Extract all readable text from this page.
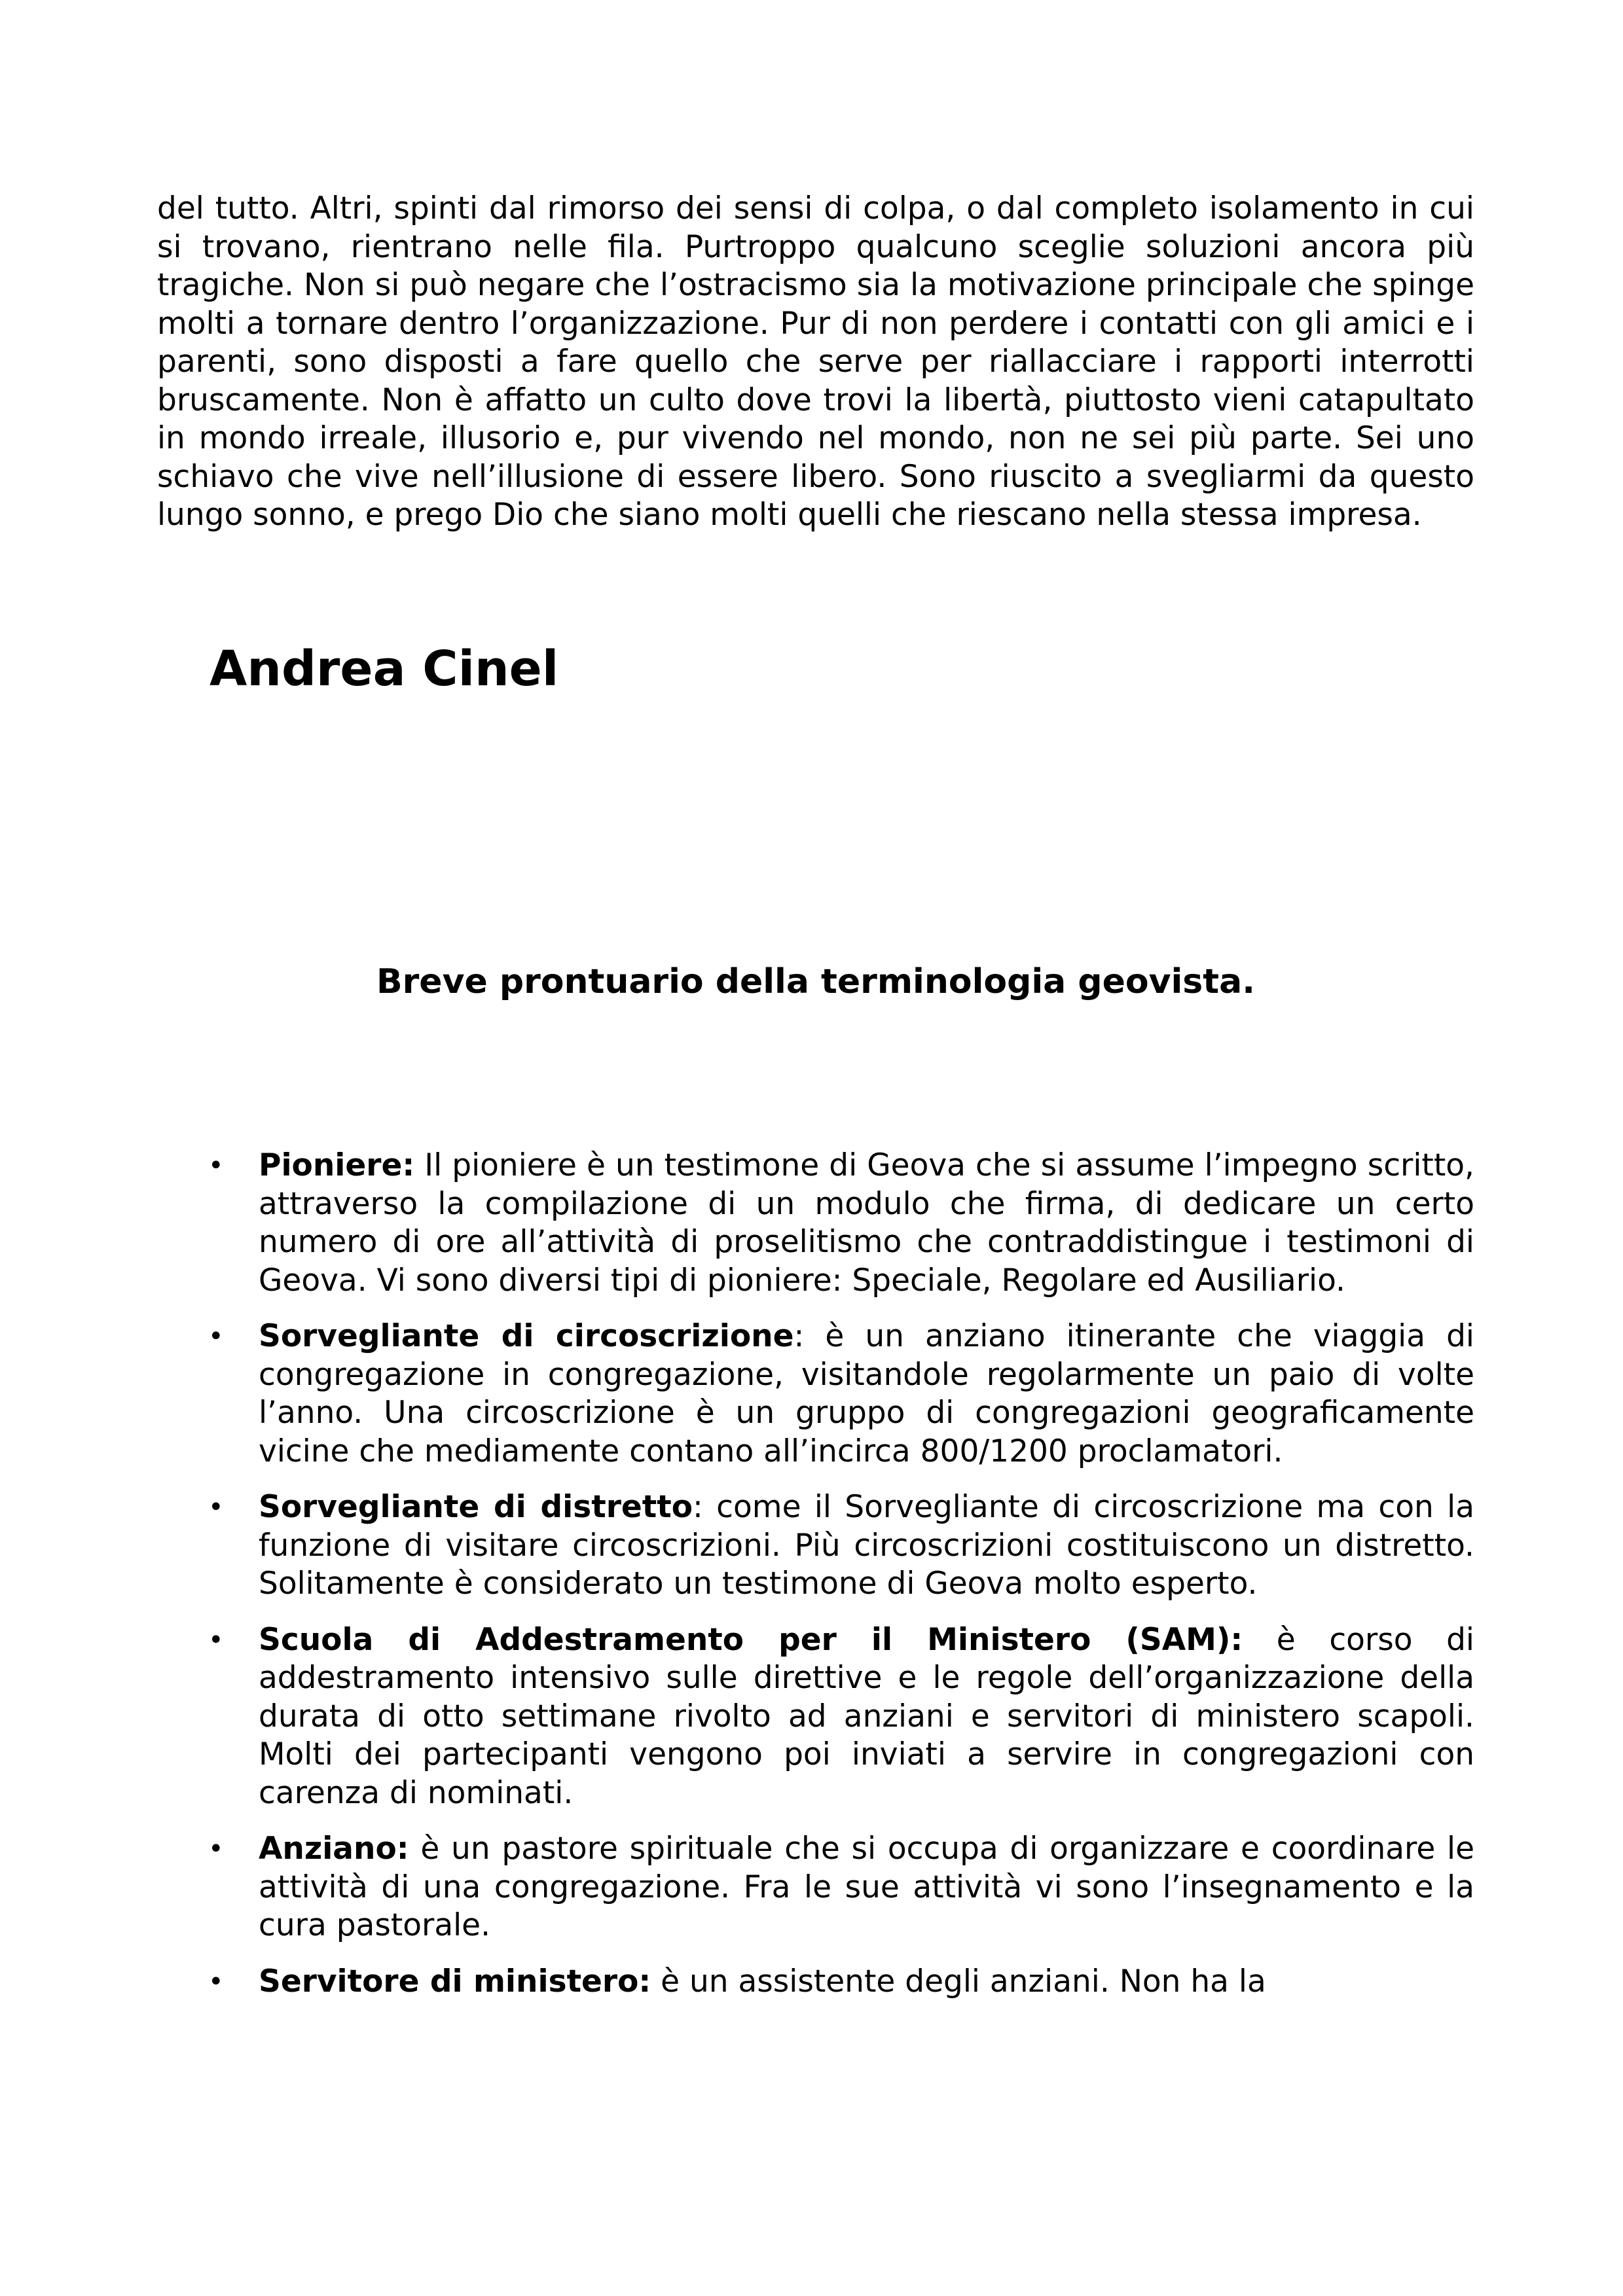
del tutto. Altri, spinti dal rimorso dei sensi di colpa, o dal completo isolamento in cui si trovano, rientrano nelle fila. Purtroppo qualcuno sceglie soluzioni ancora più tragiche. Non si può negare che l’ostracismo sia la motivazione principale che spinge molti a tornare dentro l’organizzazione. Pur di non perdere i contatti con gli amici e i parenti, sono disposti a fare quello che serve per riallacciare i rapporti interrotti bruscamente. Non è affatto un culto dove trovi la libertà, piuttosto vieni catapultato in mondo irreale, illusorio e, pur vivendo nel mondo, non ne sei più parte. Sei uno schiavo che vive nell’illusione di essere libero. Sono riuscito a svegliarmi da questo lungo sonno, e prego Dio che siano molti quelli che riescano nella stessa impresa.

Andrea Cinel
Breve prontuario della terminologia geovista.
• Pioniere: Il pioniere è un testimone di Geova che si assume l’impegno scritto, attraverso la compilazione di un modulo che firma, di dedicare un certo numero di ore all’attività di proselitismo che contraddistingue i testimoni di Geova. Vi sono diversi tipi di pioniere: Speciale, Regolare ed Ausiliario.
• Sorvegliante di circoscrizione: è un anziano itinerante che viaggia di congregazione in congregazione, visitandole regolarmente un paio di volte l’anno. Una circoscrizione è un gruppo di congregazioni geograficamente vicine che mediamente contano all’incirca 800/1200 proclamatori.
• Sorvegliante di distretto: come il Sorvegliante di circoscrizione ma con la funzione di visitare circoscrizioni. Più circoscrizioni costituiscono un distretto. Solitamente è considerato un testimone di Geova molto esperto.
• Scuola di Addestramento per il Ministero (SAM): è corso di addestramento intensivo sulle direttive e le regole dell’organizzazione della durata di otto settimane rivolto ad anziani e servitori di ministero scapoli. Molti dei partecipanti vengono poi inviati a servire in congregazioni con carenza di nominati.
• Anziano: è un pastore spirituale che si occupa di organizzare e coordinare le attività di una congregazione. Fra le sue attività vi sono l’insegnamento e la cura pastorale.
• Servitore di ministero: è un assistente degli anziani. Non ha la
